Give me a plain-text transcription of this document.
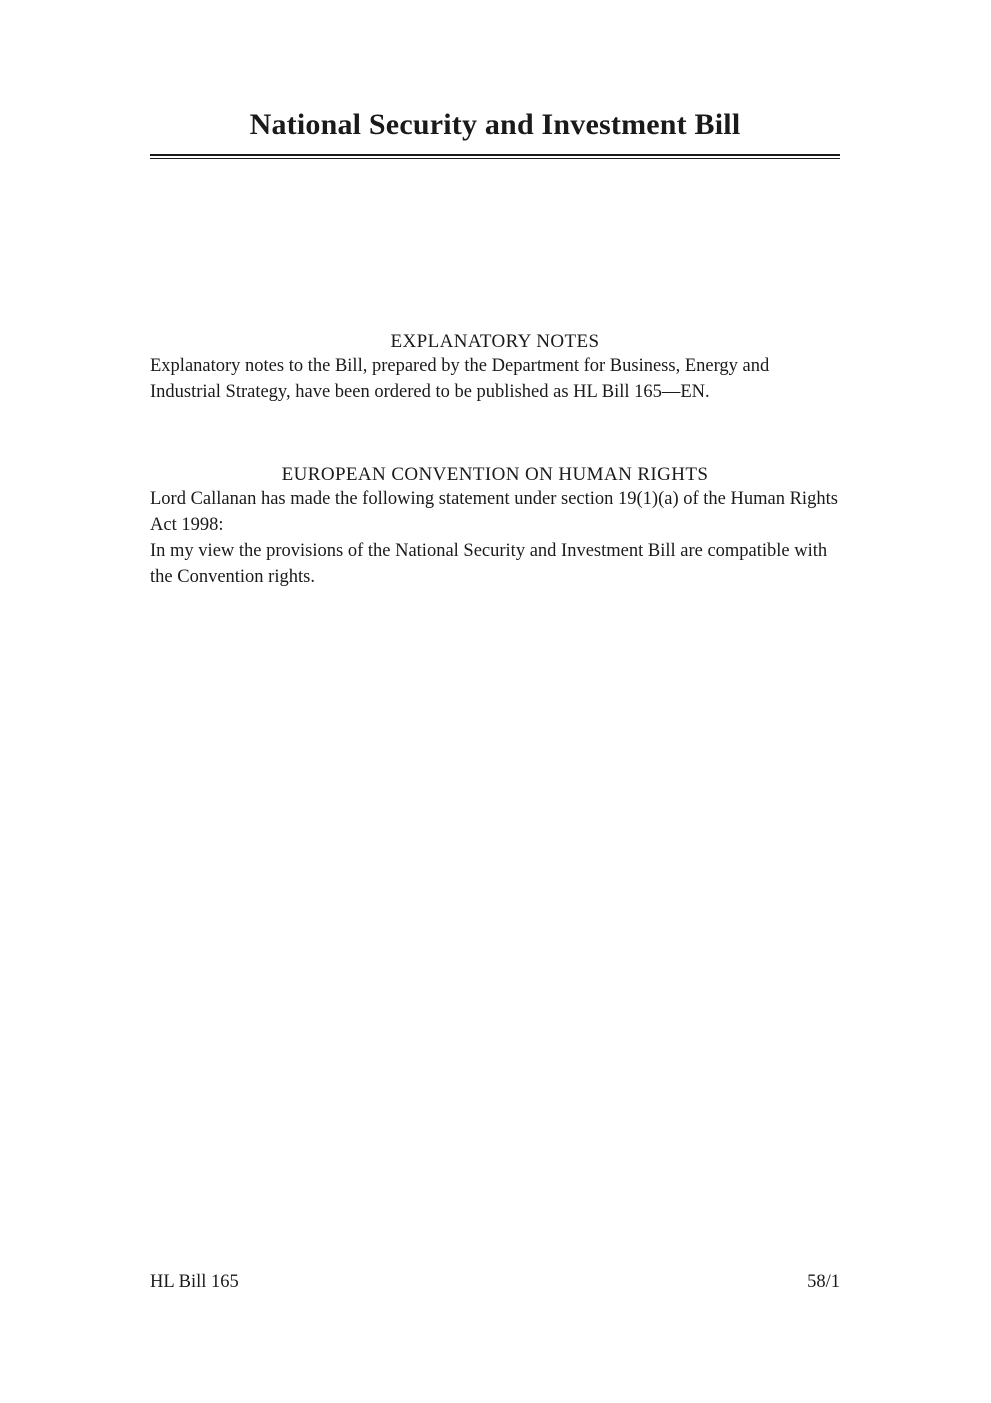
National Security and Investment Bill
EXPLANATORY NOTES

Explanatory notes to the Bill, prepared by the Department for Business, Energy and Industrial Strategy, have been ordered to be published as HL Bill 165—EN.

EUROPEAN CONVENTION ON HUMAN RIGHTS

Lord Callanan has made the following statement under section 19(1)(a) of the Human Rights Act 1998:

In my view the provisions of the National Security and Investment Bill are compatible with the Convention rights.

HL Bill 165	58/1
